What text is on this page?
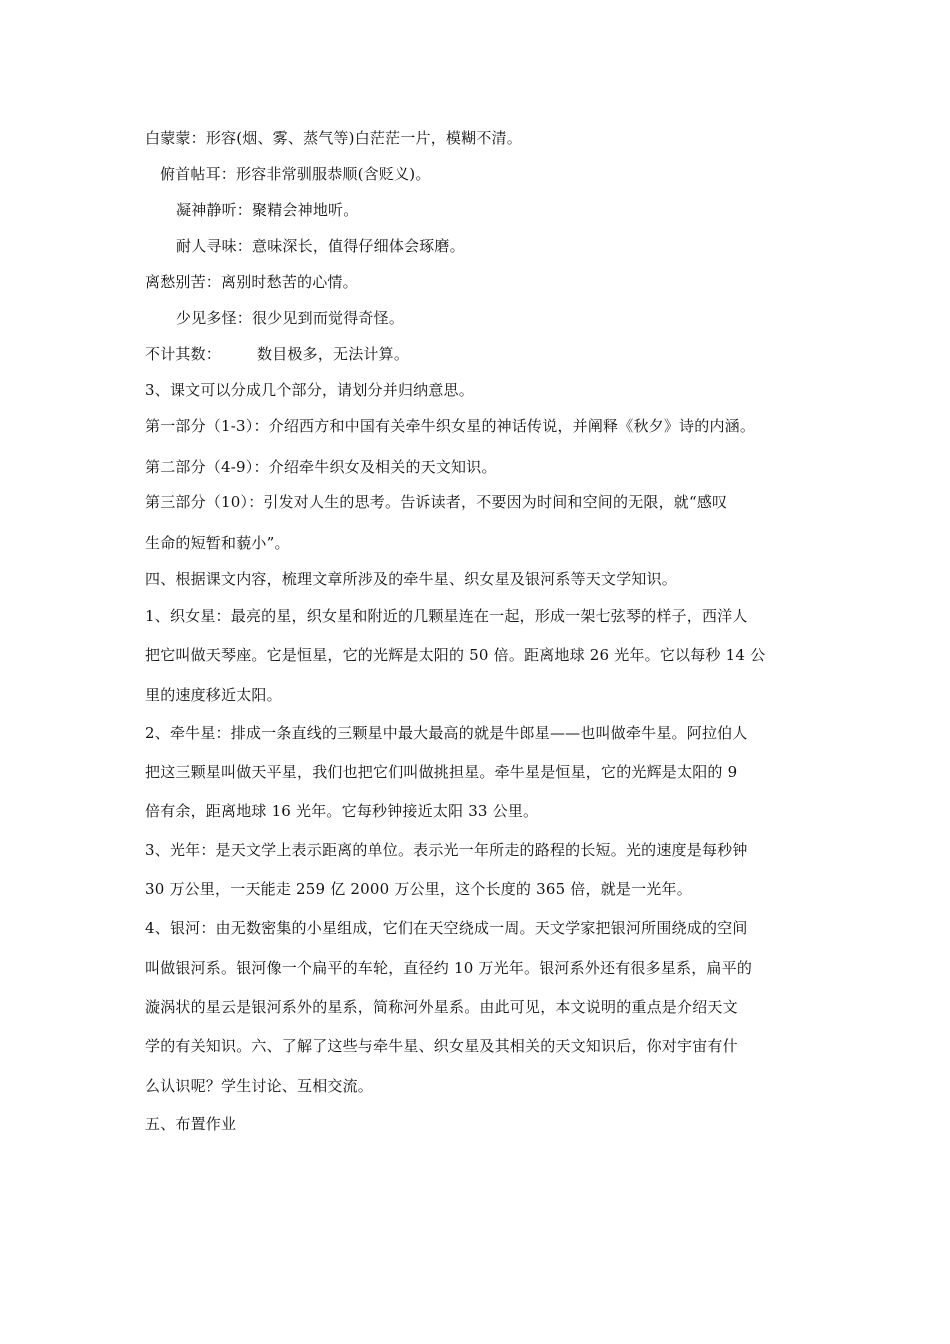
白蒙蒙：形容(烟、雾、蒸气等)白茫茫一片，模糊不清。
俯首帖耳：形容非常驯服恭顺(含贬义)。
凝神静听：聚精会神地听。
耐人寻味：意味深长，值得仔细体会琢磨。
离愁别苦：离别时愁苦的心情。
少见多怪：很少见到而觉得奇怪。
不计其数： 数目极多，无法计算。
3、课文可以分成几个部分，请划分并归纳意思。
第一部分（1-3）：介绍西方和中国有关牵牛织女星的神话传说，并阐释《秋夕》诗的内涵。
第二部分（4-9）：介绍牵牛织女及相关的天文知识。
第三部分（10）：引发对人生的思考。告诉读者，不要因为时间和空间的无限，就“感叹
生命的短暂和藐小”。
四、根据课文内容，梳理文章所涉及的牵牛星、织女星及银河系等天文学知识。
1、织女星：最亮的星，织女星和附近的几颗星连在一起，形成一架七弦琴的样子，西洋人
把它叫做天琴座。它是恒星，它的光辉是太阳的 50 倍。距离地球 26 光年。它以每秒 14 公
里的速度移近太阳。
2、牵牛星：排成一条直线的三颗星中最大最高的就是牛郎星——也叫做牵牛星。阿拉伯人
把这三颗星叫做天平星，我们也把它们叫做挑担星。牵牛星是恒星，它的光辉是太阳的 9
倍有余，距离地球 16 光年。它每秒钟接近太阳 33 公里。
3、光年：是天文学上表示距离的单位。表示光一年所走的路程的长短。光的速度是每秒钟
30 万公里，一天能走 259 亿 2000 万公里，这个长度的 365 倍，就是一光年。
4、银河：由无数密集的小星组成，它们在天空绕成一周。天文学家把银河所围绕成的空间
叫做银河系。银河像一个扁平的车轮，直径约 10 万光年。银河系外还有很多星系，扁平的
漩涡状的星云是银河系外的星系，简称河外星系。由此可见，本文说明的重点是介绍天文
学的有关知识。六、了解了这些与牵牛星、织女星及其相关的天文知识后，你对宇宙有什
么认识呢？学生讨论、互相交流。
五、布置作业
